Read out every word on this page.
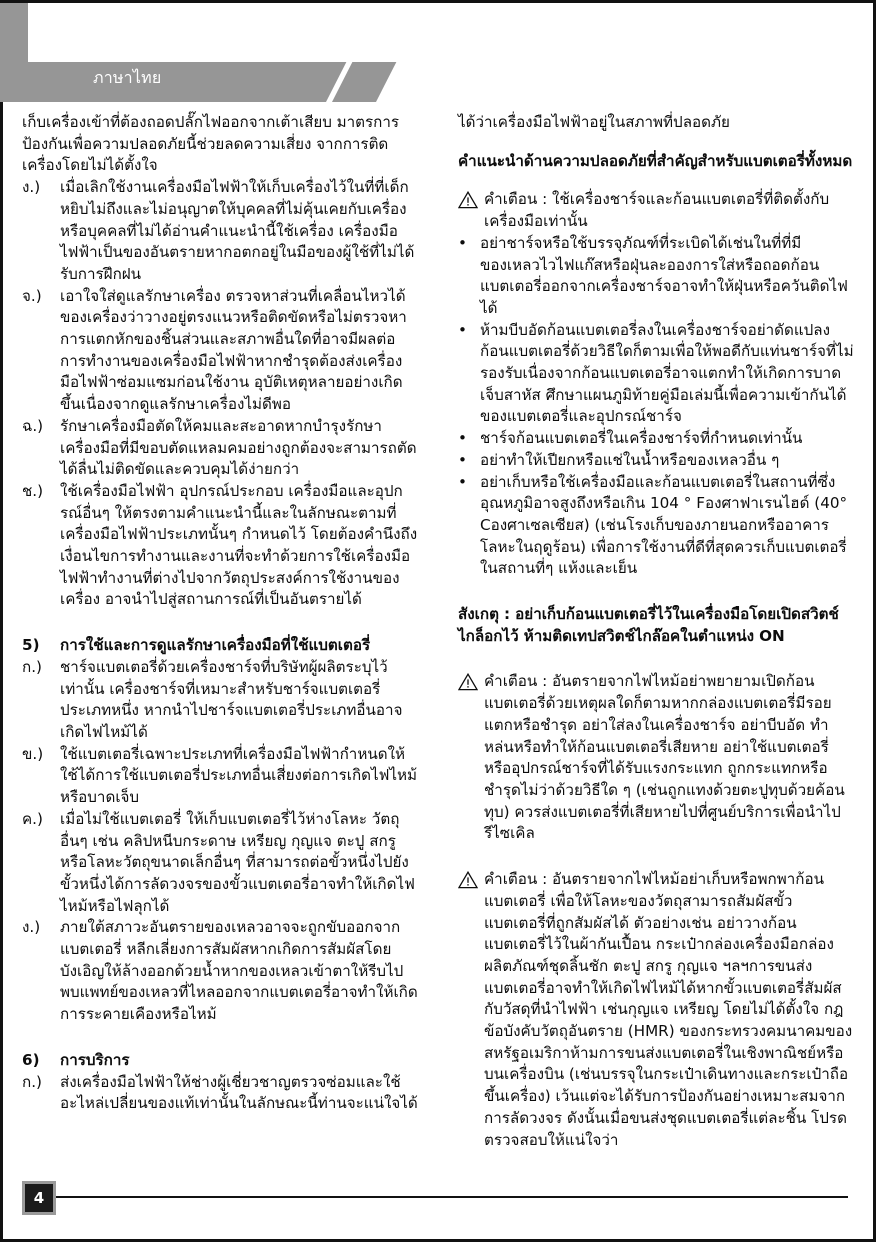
ภาษาไทย
เก็บเครื่องเข้าที่ต้องถอดปลั๊กไฟออกจากเต้าเสียบ มาตรการป้องกันเพื่อความปลอดภัยนี้ช่วยลดความเสี่ยง จากการติดเครื่องโดยไม่ได้ตั้งใจ
ง.)	เมื่อเลิกใช้งานเครื่องมือไฟฟ้าให้เก็บเครื่องไว้ในที่ที่เด็กหยิบไม่ถึงและไม่อนุญาตให้บุคคลที่ไม่คุ้นเคยกับเครื่อง หรือบุคคลที่ไม่ได้อ่านคำแนะนำนี้ใช้เครื่อง เครื่องมือไฟฟ้าเป็นของอันตรายหากอตกอยู่ในมือของผู้ใช้ที่ไม่ได้รับการฝึกฝน
จ.)	เอาใจใส่ดูแลรักษาเครื่อง ตรวจหาส่วนที่เคลื่อนไหวได้ของเครื่องว่าวางอยู่ตรงแนวหรือติดขัดหรือไม่ตรวจหาการแตกหักของชิ้นส่วนและสภาพอื่นใดที่อาจมีผลต่อการทำงานของเครื่องมือไฟฟ้าหากชำรุดต้องส่งเครื่องมือไฟฟ้าซ่อมแซมก่อนใช้งาน อุบัติเหตุหลายอย่างเกิดขึ้นเนื่องจากดูแลรักษาเครื่องไม่ดีพอ
ฉ.)	รักษาเครื่องมือตัดให้คมและสะอาดหากบำรุงรักษาเครื่องมือที่มีขอบตัดแหลมคมอย่างถูกต้องจะสามารถตัดได้ลื่นไม่ติดขัดและควบคุมได้ง่ายกว่า
ช.)	ใช้เครื่องมือไฟฟ้า อุปกรณ์ประกอบ เครื่องมือและอุปกรณ์อื่นๆ ให้ตรงตามคำแนะนำนี้และในลักษณะตามที่เครื่องมือไฟฟ้าประเภทนั้นๆ กำหนดไว้ โดยต้องคำนึงถึงเงื่อนไขการทำงานและงานที่จะทำด้วยการใช้เครื่องมือไฟฟ้าทำงานที่ต่างไปจากวัตถุประสงค์การใช้งานของเครื่อง อาจนำไปสู่สถานการณ์ที่เป็นอันตรายได้
5)	การใช้และการดูแลรักษาเครื่องมือที่ใช้แบตเตอรี่
ก.)	ชาร์จแบตเตอรี่ด้วยเครื่องชาร์จที่บริษัทผู้ผลิตระบุไว้เท่านั้น เครื่องชาร์จที่เหมาะสำหรับชาร์จแบตเตอรี่ประเภทหนึ่ง หากนำไปชาร์จแบตเตอรี่ประเภทอื่นอาจเกิดไฟไหม้ได้
ข.)	ใช้แบตเตอรี่เฉพาะประเภทที่เครื่องมือไฟฟ้ากำหนดให้ใช้ได้การใช้แบตเตอรี่ประเภทอื่นเสี่ยงต่อการเกิดไฟไหม้หรือบาดเจ็บ
ค.)	เมื่อไม่ใช้แบตเตอรี่ ให้เก็บแบตเตอรี่ไว้ห่างโลหะ วัตถุอื่นๆ เช่น คลิปหนีบกระดาษ เหรียญ กุญแจ ตะปู สกรู หรือโลหะวัตถุขนาดเล็กอื่นๆ ที่สามารถต่อขั้วหนึ่งไปยังขั้วหนึ่งได้การลัดวงจรของขั้วแบตเตอรี่อาจทำให้เกิดไฟไหม้หรือไฟลุกได้
ง.)	ภายใต้สภาวะอันตรายของเหลวอาจจะถูกขับออกจากแบตเตอรี่ หลีกเลี่ยงการสัมผัสหากเกิดการสัมผัสโดยบังเอิญให้ล้างออกด้วยน้ำหากของเหลวเข้าตาให้รีบไปพบแพทย์ของเหลวที่ไหลออกจากแบตเตอรี่อาจทำให้เกิดการระคายเคืองหรือไหม้
6)	การบริการ
ก.)	ส่งเครื่องมือไฟฟ้าให้ช่างผู้เชี่ยวชาญตรวจซ่อมและใช้อะไหล่เปลี่ยนของแท้เท่านั้นในลักษณะนี้ท่านจะแน่ใจได้
ได้ว่าเครื่องมือไฟฟ้าอยู่ในสภาพที่ปลอดภัย
คำแนะนำด้านความปลอดภัยที่สำคัญสำหรับแบตเตอรี่ทั้งหมด
คำเตือน : ใช้เครื่องชาร์จและก้อนแบตเตอรี่ที่ติดตั้งกับเครื่องมือเท่านั้น
• อย่าชาร์จหรือใช้บรรจุภัณฑ์ที่ระเบิดได้เช่นในที่ที่มีของเหลวไวไฟแก๊สหรือฝุ่นละอองการใส่หรือถอดก้อนแบตเตอรี่ออกจากเครื่องชาร์จอาจทำให้ฝุ่นหรือควันติดไฟได้
• ห้ามบีบอัดก้อนแบตเตอรี่ลงในเครื่องชาร์จอย่าดัดแปลงก้อนแบตเตอรี่ด้วยวิธีใดก็ตามเพื่อให้พอดีกับแท่นชาร์จที่ไม่รองรับเนื่องจากก้อนแบตเตอรี่อาจแตกทำให้เกิดการบาดเจ็บสาหัส ศึกษาแผนภูมิท้ายคู่มือเล่มนี้เพื่อความเข้ากันได้ของแบตเตอรี่และอุปกรณ์ชาร์จ
• ชาร์จก้อนแบตเตอรี่ในเครื่องชาร์จที่กำหนดเท่านั้น
• อย่าทำให้เปียกหรือแช่ในน้ำหรือของเหลวอื่น ๆ
• อย่าเก็บหรือใช้เครื่องมือและก้อนแบตเตอรี่ในสถานที่ซึ่งอุณหภูมิอาจสูงถึงหรือเกิน 104 ° Fองศาฟาเรนไฮด์ (40° Cองศาเซลเซียส) (เช่นโรงเก็บของภายนอกหรืออาคารโลหะในฤดูร้อน) เพื่อการใช้งานที่ดีที่สุดควรเก็บแบตเตอรี่ในสถานที่ๆ แห้งและเย็น
สังเกตุ : อย่าเก็บก้อนแบตเตอรี่ไว้ในเครื่องมือโดยเปิดสวิตช์ไกล็อกไว้ ห้ามติดเทปสวิตช์ไกล๊อคในตำแหน่ง ON
คำเตือน : อันตรายจากไฟไหม้อย่าพยายามเปิดก้อนแบตเตอรี่ด้วยเหตุผลใดก็ตามหากกล่องแบตเตอรี่มีรอยแตกหรือชำรุด อย่าใส่ลงในเครื่องชาร์จ อย่าบีบอัด ทำหล่นหรือทำให้ก้อนแบตเตอรี่เสียหาย อย่าใช้แบตเตอรี่หรืออุปกรณ์ชาร์จที่ได้รับแรงกระแทก ถูกกระแทกหรือชำรุดไม่ว่าด้วยวิธีใด ๆ (เช่นถูกแทงด้วยตะปูทุบด้วยค้อนทุบ) ควรส่งแบตเตอรี่ที่เสียหายไปที่ศูนย์บริการเพื่อนำไปรีไซเคิล
คำเตือน : อันตรายจากไฟไหม้อย่าเก็บหรือพกพาก้อนแบตเตอรี่ เพื่อให้โลหะของวัตถุสามารถสัมผัสขั้วแบตเตอรี่ที่ถูกสัมผัสได้ ตัวอย่างเช่น อย่าวางก้อนแบตเตอรี่ไว้ในผ้ากันเปื้อน กระเป๋ากล่องเครื่องมือกล่องผลิตภัณฑ์ชุดลิ้นชัก ตะปู สกรู กุญแจ ฯลฯการขนส่งแบตเตอรี่อาจทำให้เกิดไฟไหม้ได้หากขั้วแบตเตอรี่สัมผัสกับวัสดุที่นำไฟฟ้า เช่นกุญแจ เหรียญ โดยไม่ได้ตั้งใจ กฎข้อบังคับวัตถุอันตราย (HMR) ของกระทรวงคมนาคมของสหรัฐอเมริกาห้ามการขนส่งแบตเตอรี่ในเชิงพาณิชย์หรือบนเครื่องบิน (เช่นบรรจุในกระเป๋าเดินทางและกระเป๋าถือขึ้นเครื่อง) เว้นแต่จะได้รับการป้องกันอย่างเหมาะสมจากการลัดวงจร ดังนั้นเมื่อขนส่งชุดแบตเตอรี่แต่ละชิ้น โปรดตรวจสอบให้แน่ใจว่า
4
